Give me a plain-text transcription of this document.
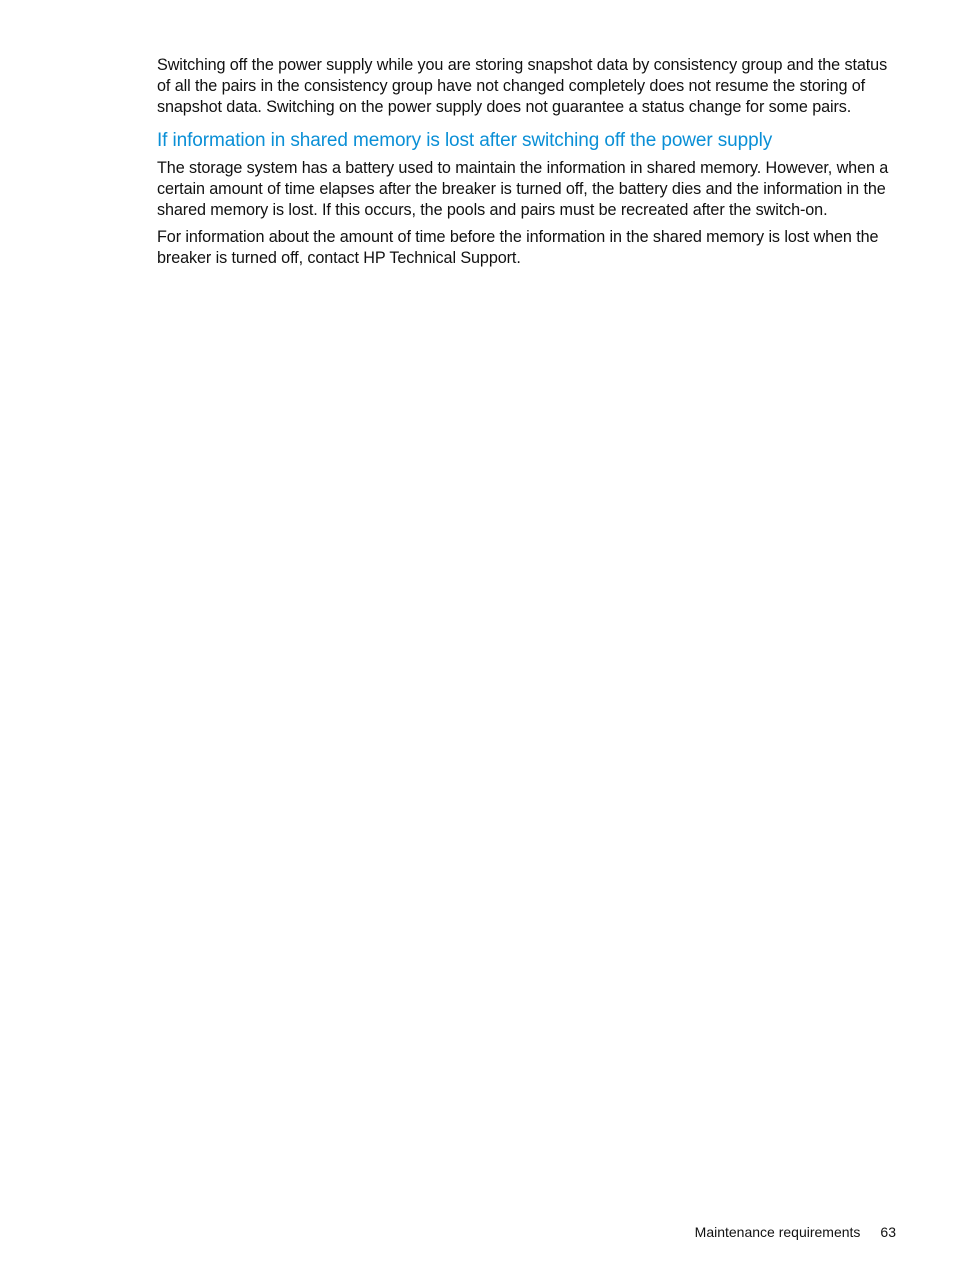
Switching off the power supply while you are storing snapshot data by consistency group and the status of all the pairs in the consistency group have not changed completely does not resume the storing of snapshot data. Switching on the power supply does not guarantee a status change for some pairs.

If information in shared memory is lost after switching off the power supply

The storage system has a battery used to maintain the information in shared memory. However, when a certain amount of time elapses after the breaker is turned off, the battery dies and the information in the shared memory is lost. If this occurs, the pools and pairs must be recreated after the switch-on.

For information about the amount of time before the information in the shared memory is lost when the breaker is turned off, contact HP Technical Support.

Maintenance requirements 63
